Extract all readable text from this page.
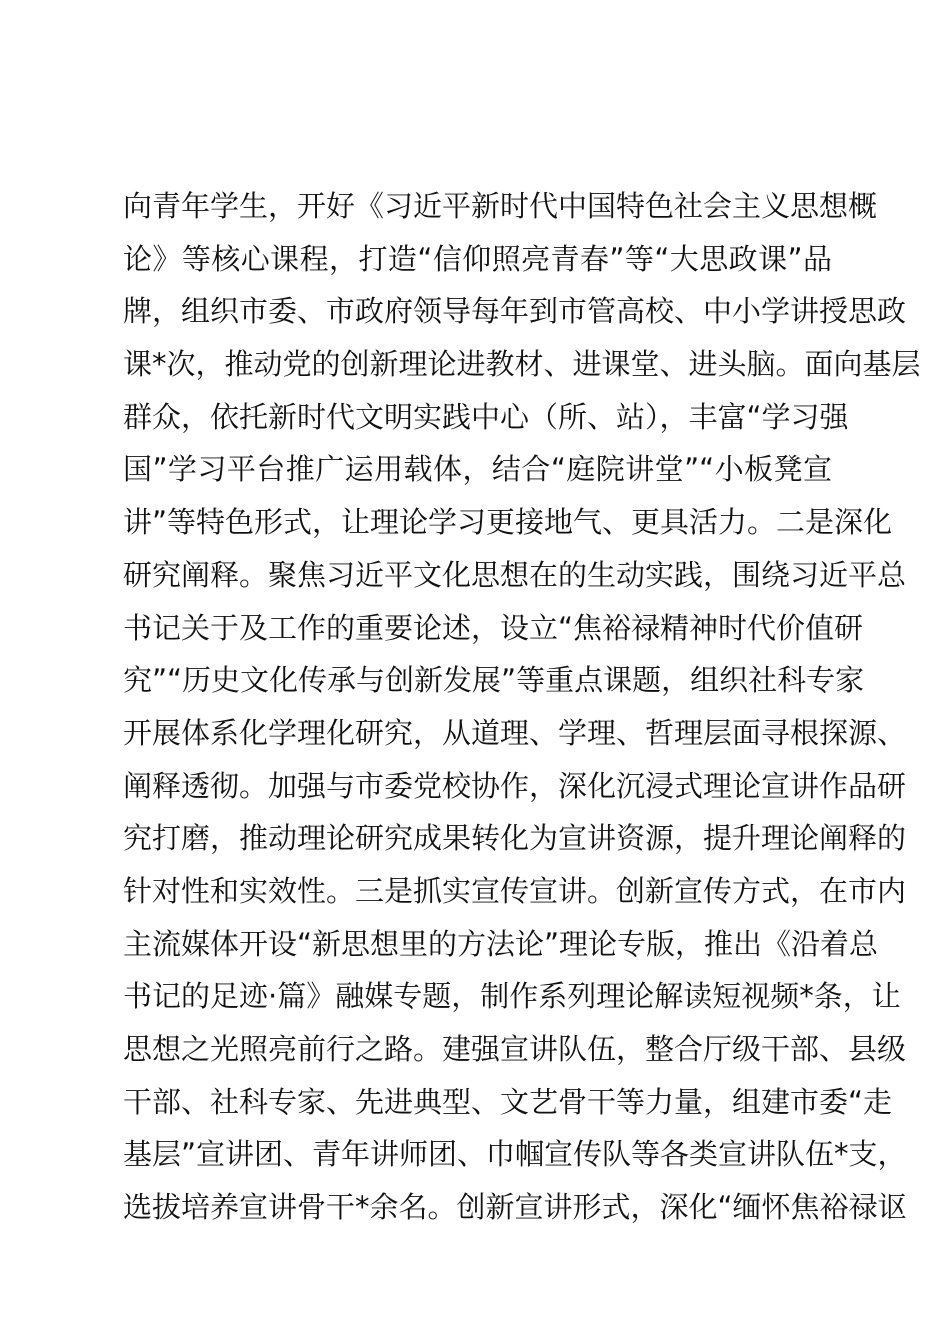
向青年学生，开好《习近平新时代中国特色社会主义思想概
论》等核心课程，打造“信仰照亮青春”等“大思政课”品
牌，组织市委、市政府领导每年到市管高校、中小学讲授思政
课*次，推动党的创新理论进教材、进课堂、进头脑。面向基层
群众，依托新时代文明实践中心（所、站），丰富“学习强
国”学习平台推广运用载体，结合“庭院讲堂”“小板凳宣
讲”等特色形式，让理论学习更接地气、更具活力。二是深化
研究阐释。聚焦习近平文化思想在的生动实践，围绕习近平总
书记关于及工作的重要论述，设立“焦裕禄精神时代价值研
究”“历史文化传承与创新发展”等重点课题，组织社科专家
开展体系化学理化研究，从道理、学理、哲理层面寻根探源、
阐释透彻。加强与市委党校协作，深化沉浸式理论宣讲作品研
究打磨，推动理论研究成果转化为宣讲资源，提升理论阐释的
针对性和实效性。三是抓实宣传宣讲。创新宣传方式，在市内
主流媒体开设“新思想里的方法论”理论专版，推出《沿着总
书记的足迹·篇》融媒专题，制作系列理论解读短视频*条，让
思想之光照亮前行之路。建强宣讲队伍，整合厅级干部、县级
干部、社科专家、先进典型、文艺骨干等力量，组建市委“走
基层”宣讲团、青年讲师团、巾帼宣传队等各类宣讲队伍*支，
选拔培养宣讲骨干*余名。创新宣讲形式，深化“缅怀焦裕禄讴
